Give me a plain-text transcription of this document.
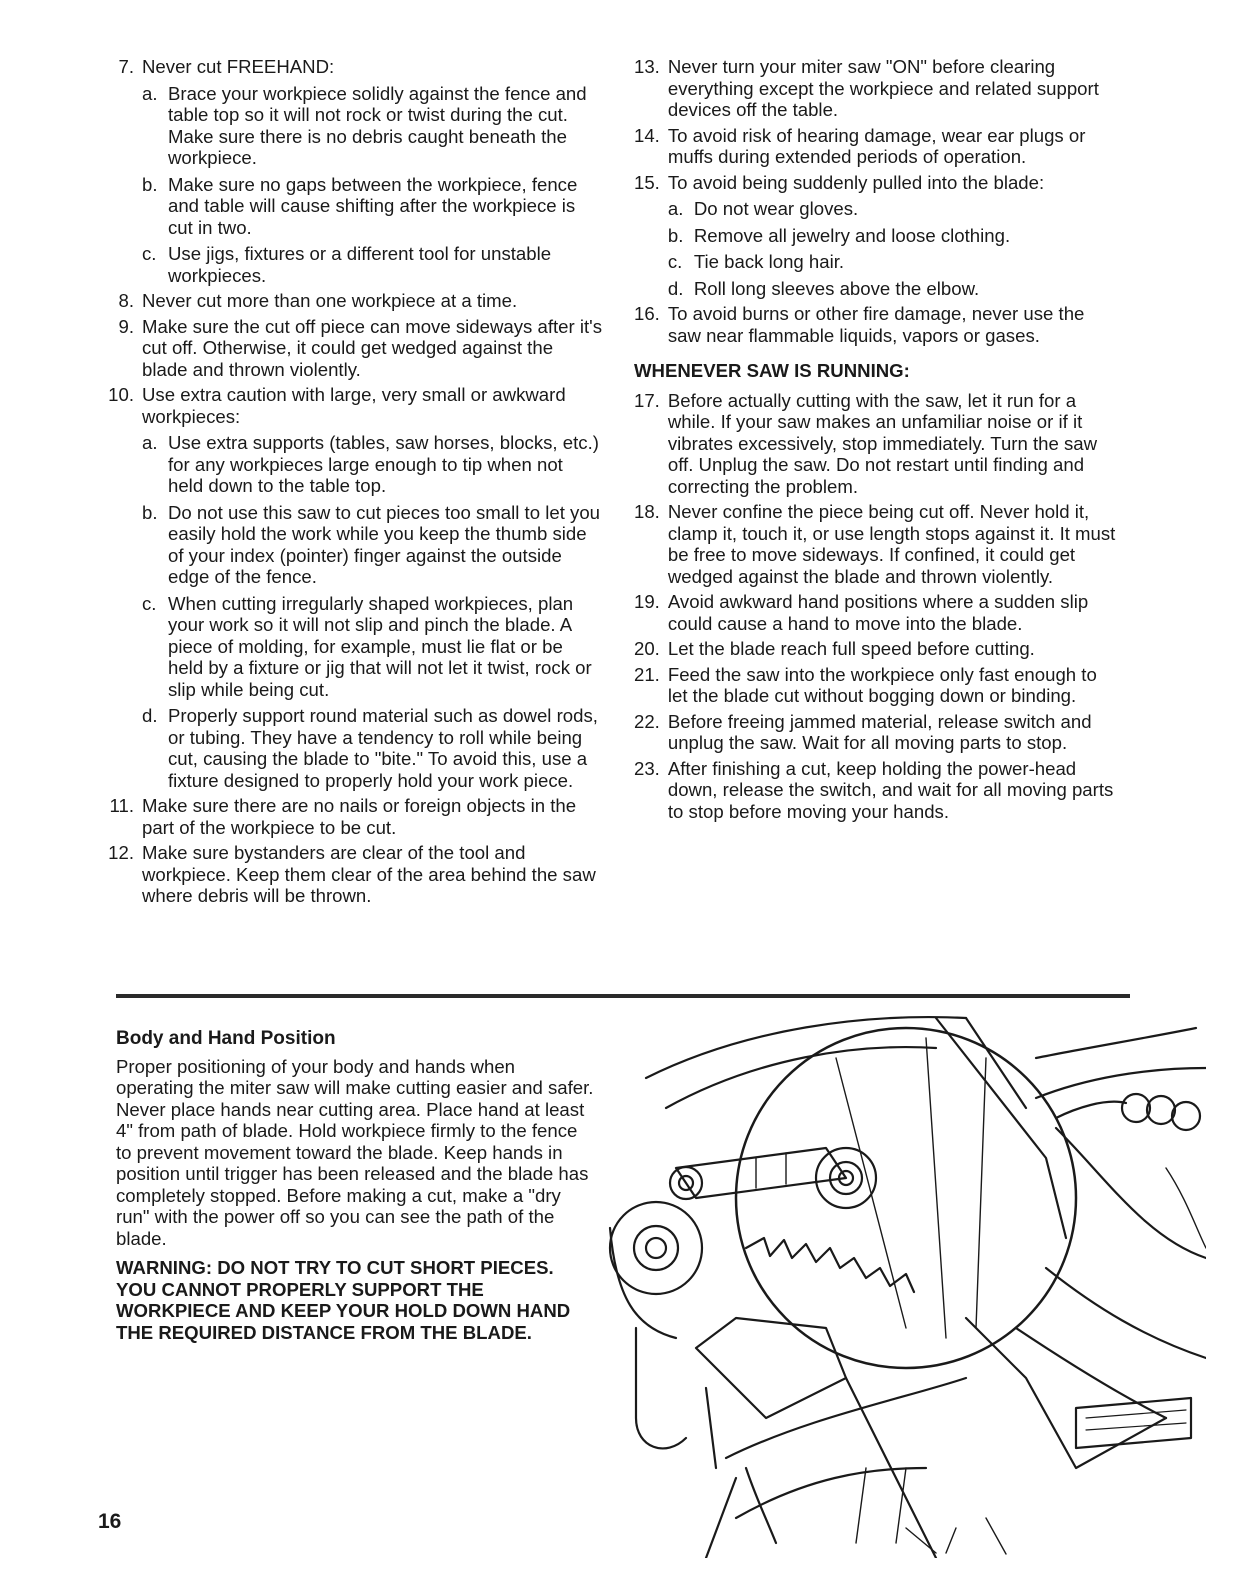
7. Never cut FREEHAND:
a. Brace your workpiece solidly against the fence and table top so it will not rock or twist during the cut. Make sure there is no debris caught beneath the workpiece.
b. Make sure no gaps between the workpiece, fence and table will cause shifting after the workpiece is cut in two.
c. Use jigs, fixtures or a different tool for unstable workpieces.
8. Never cut more than one workpiece at a time.
9. Make sure the cut off piece can move sideways after it's cut off. Otherwise, it could get wedged against the blade and thrown violently.
10. Use extra caution with large, very small or awkward workpieces:
a. Use extra supports (tables, saw horses, blocks, etc.) for any workpieces large enough to tip when not held down to the table top.
b. Do not use this saw to cut pieces too small to let you easily hold the work while you keep the thumb side of your index (pointer) finger against the outside edge of the fence.
c. When cutting irregularly shaped workpieces, plan your work so it will not slip and pinch the blade. A piece of molding, for example, must lie flat or be held by a fixture or jig that will not let it twist, rock or slip while being cut.
d. Properly support round material such as dowel rods, or tubing. They have a tendency to roll while being cut, causing the blade to "bite." To avoid this, use a fixture designed to properly hold your work piece.
11. Make sure there are no nails or foreign objects in the part of the workpiece to be cut.
12. Make sure bystanders are clear of the tool and workpiece. Keep them clear of the area behind the saw where debris will be thrown.
13. Never turn your miter saw "ON" before clearing everything except the workpiece and related support devices off the table.
14. To avoid risk of hearing damage, wear ear plugs or muffs during extended periods of operation.
15. To avoid being suddenly pulled into the blade:
a. Do not wear gloves.
b. Remove all jewelry and loose clothing.
c. Tie back long hair.
d. Roll long sleeves above the elbow.
16. To avoid burns or other fire damage, never use the saw near flammable liquids, vapors or gases.
WHENEVER SAW IS RUNNING:
17. Before actually cutting with the saw, let it run for a while. If your saw makes an unfamiliar noise or if it vibrates excessively, stop immediately. Turn the saw off. Unplug the saw. Do not restart until finding and correcting the problem.
18. Never confine the piece being cut off. Never hold it, clamp it, touch it, or use length stops against it. It must be free to move sideways. If confined, it could get wedged against the blade and thrown violently.
19. Avoid awkward hand positions where a sudden slip could cause a hand to move into the blade.
20. Let the blade reach full speed before cutting.
21. Feed the saw into the workpiece only fast enough to let the blade cut without bogging down or binding.
22. Before freeing jammed material, release switch and unplug the saw. Wait for all moving parts to stop.
23. After finishing a cut, keep holding the power-head down, release the switch, and wait for all moving parts to stop before moving your hands.
Body and Hand Position

Proper positioning of your body and hands when operating the miter saw will make cutting easier and safer. Never place hands near cutting area. Place hand at least 4" from path of blade. Hold workpiece firmly to the fence to prevent movement toward the blade. Keep hands in position until trigger has been released and the blade has completely stopped. Before making a cut, make a "dry run" with the power off so you can see the path of the blade.

WARNING: DO NOT TRY TO CUT SHORT PIECES. YOU CANNOT PROPERLY SUPPORT THE WORKPIECE AND KEEP YOUR HOLD DOWN HAND THE REQUIRED DISTANCE FROM THE BLADE.

16
